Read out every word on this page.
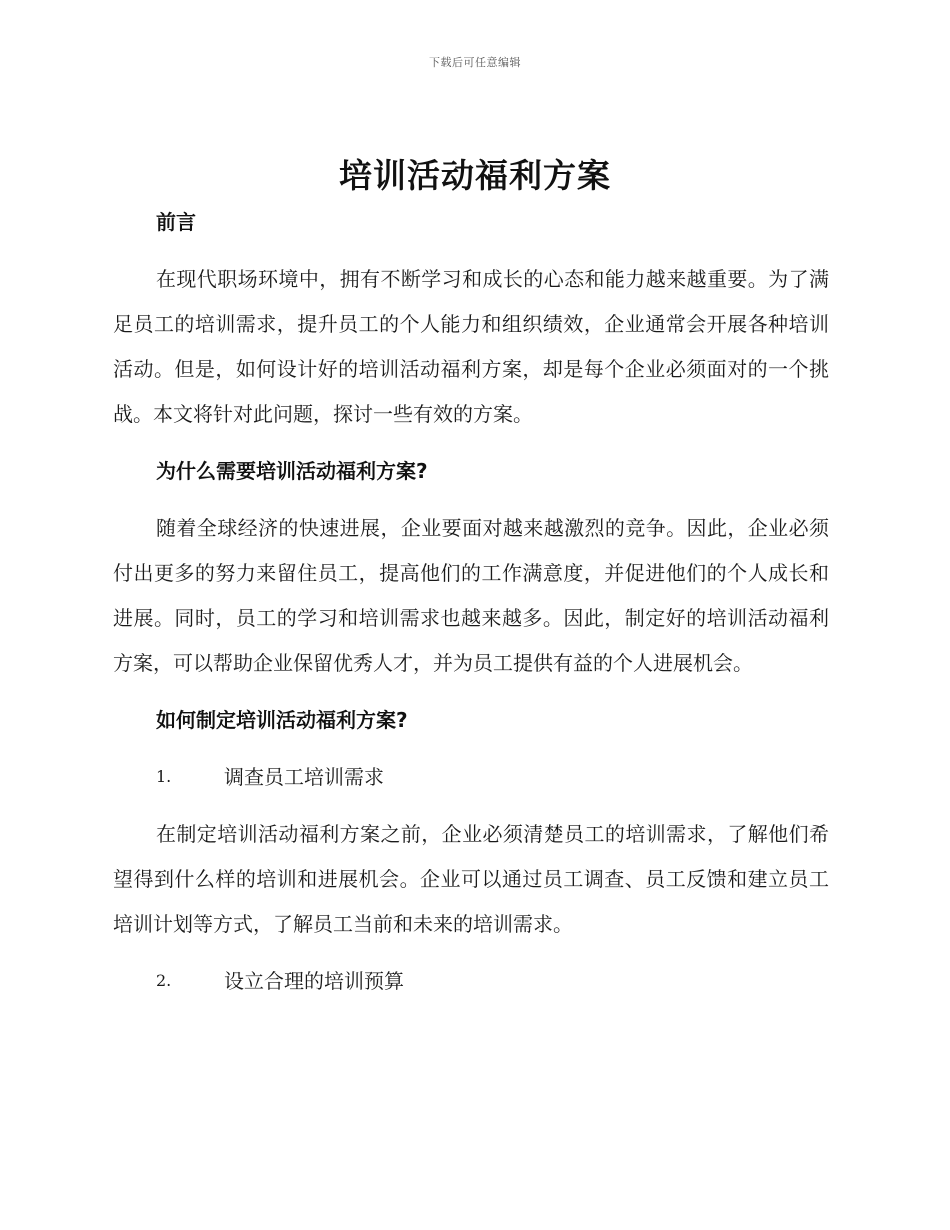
下载后可任意编辑
培训活动福利方案

前言

在现代职场环境中，拥有不断学习和成长的心态和能力越来越重要。为了满足员工的培训需求，提升员工的个人能力和组织绩效，企业通常会开展各种培训活动。但是，如何设计好的培训活动福利方案，却是每个企业必须面对的一个挑战。本文将针对此问题，探讨一些有效的方案。

为什么需要培训活动福利方案?

随着全球经济的快速进展，企业要面对越来越激烈的竞争。因此，企业必须付出更多的努力来留住员工，提高他们的工作满意度，并促进他们的个人成长和进展。同时，员工的学习和培训需求也越来越多。因此，制定好的培训活动福利方案，可以帮助企业保留优秀人才，并为员工提供有益的个人进展机会。

如何制定培训活动福利方案?

1.	调查员工培训需求

在制定培训活动福利方案之前，企业必须清楚员工的培训需求，了解他们希望得到什么样的培训和进展机会。企业可以通过员工调查、员工反馈和建立员工培训计划等方式，了解员工当前和未来的培训需求。

2.	设立合理的培训预算
